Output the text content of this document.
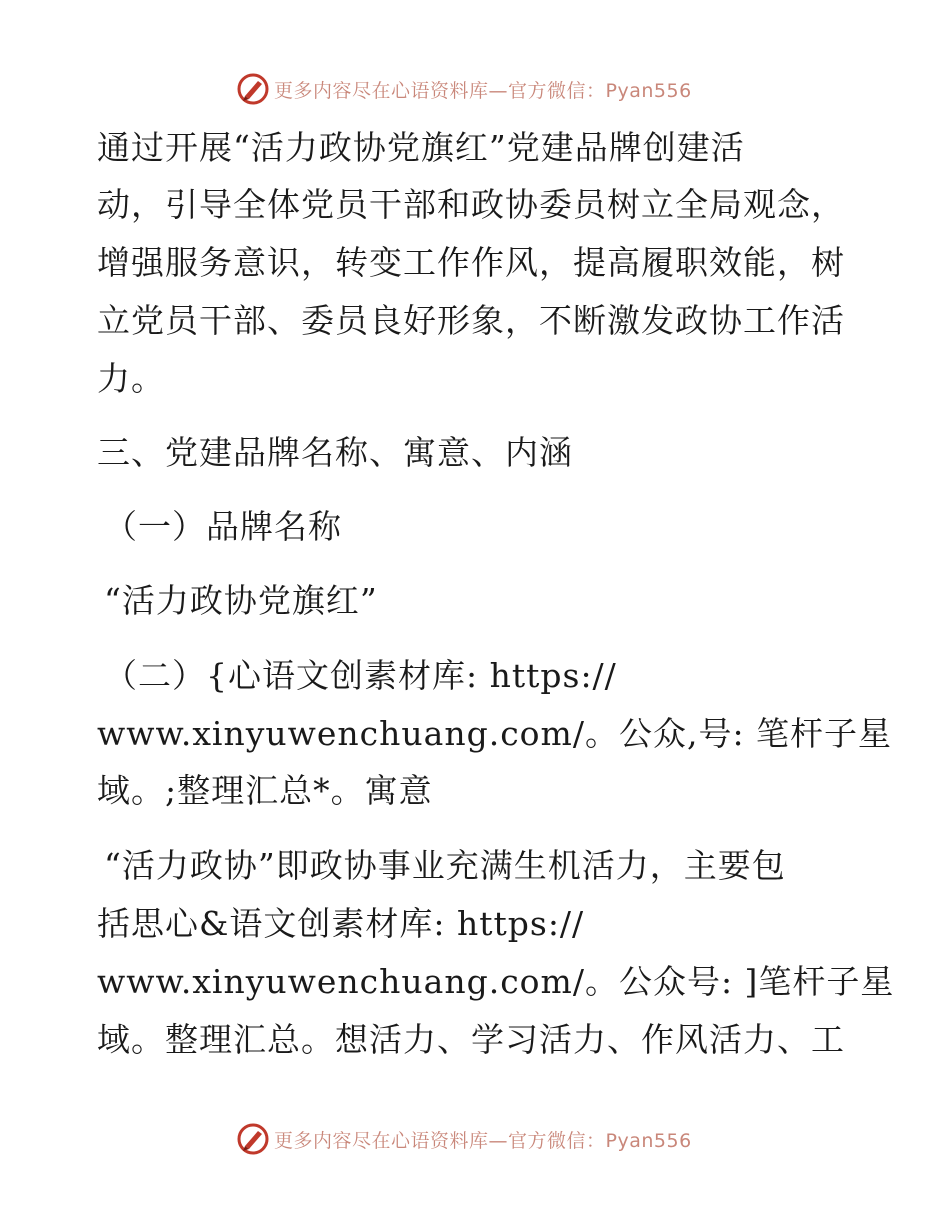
更多内容尽在心语资料库—官方微信：Pyan556
通过开展“活力政协党旗红”党建品牌创建活
动，引导全体党员干部和政协委员树立全局观念，
增强服务意识，转变工作作风，提高履职效能，树
立党员干部、委员良好形象，不断激发政协工作活
力。
三、党建品牌名称、寓意、内涵
（一）品牌名称
“活力政协党旗红”
（二）{心语文创素材库: https://
www.xinyuwenchuang.com/。公众,号: 笔杆子星
域。;整理汇总*。寓意
“活力政协”即政协事业充满生机活力，主要包
括思心&语文创素材库: https://
www.xinyuwenchuang.com/。公众号: ]笔杆子星
域。整理汇总。想活力、学习活力、作风活力、工
更多内容尽在心语资料库—官方微信：Pyan556
